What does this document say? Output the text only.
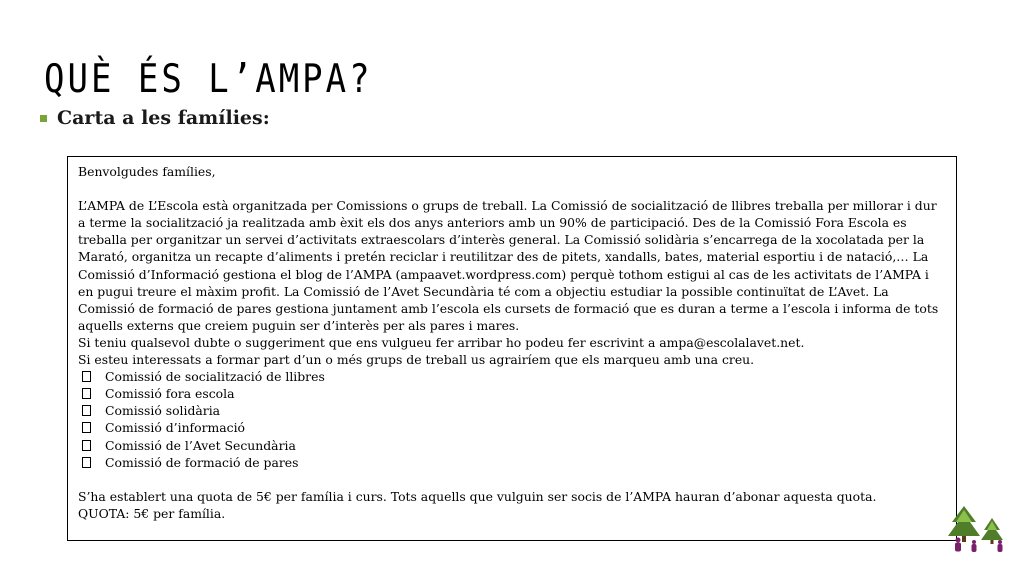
QUÈ ÉS L’AMPA?
Carta a les famílies:

Benvolgudes famílies,

L’AMPA de L’Escola està organitzada per Comissions o grups de treball. La Comissió de socialització de llibres treballa per millorar i dur a terme la socialització ja realitzada amb èxit els dos anys anteriors amb un 90% de participació. Des de la Comissió Fora Escola es treballa per organitzar un servei d’activitats extraescolars d’interès general. La Comissió solidària s’encarrega de la xocolatada per la Marató, organitza un recapte d’aliments i pretén reciclar i reutilitzar des de pitets, xandalls, bates, material esportiu i de natació,… La Comissió d’Informació gestiona el blog de l’AMPA (ampaavet.wordpress.com) perquè tothom estigui al cas de les activitats de l’AMPA i en pugui treure el màxim profit. La Comissió de l’Avet Secundària té com a objectiu estudiar la possible continuïtat de L’Avet. La Comissió de formació de pares gestiona juntament amb l’escola els cursets de formació que es duran a terme a l’escola i informa de tots aquells externs que creiem puguin ser d’interès per als pares i mares.

Si teniu qualsevol dubte o suggeriment que ens vulgueu fer arribar ho podeu fer escrivint a ampa@escolalavet.net.

Si esteu interessats a formar part d’un o més grups de treball us agrairíem que els marqueu amb una creu.

Comissió de socialització de llibres
Comissió fora escola
Comissió solidària
Comissió d’informació
Comissió de l’Avet Secundària
Comissió de formació de pares

S’ha establert una quota de 5€ per família i curs. Tots aquells que vulguin ser socis de l’AMPA hauran d’abonar aquesta quota.

QUOTA: 5€ per família.
